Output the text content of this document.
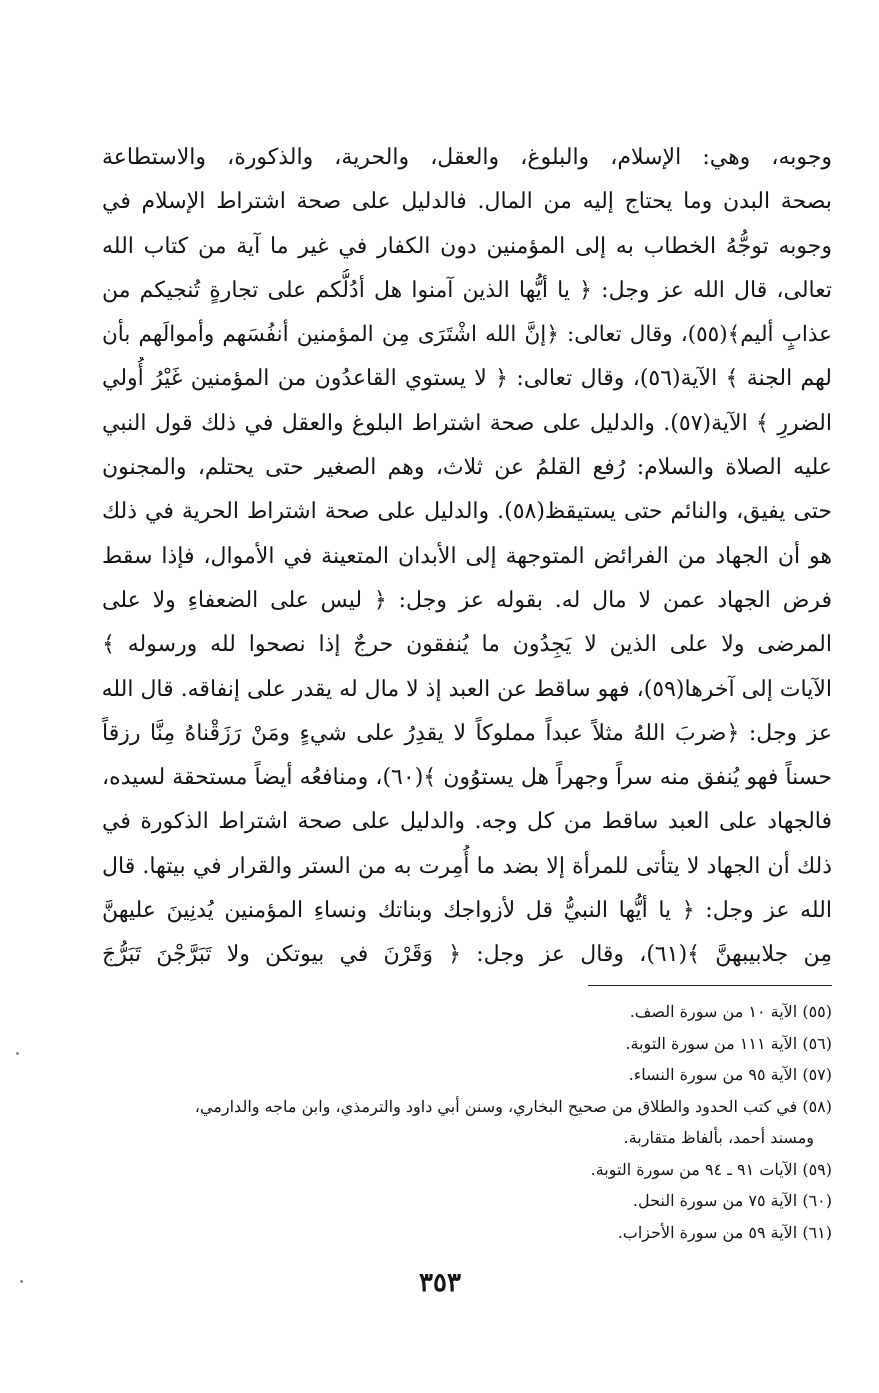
وجوبه، وهي: الإسلام، والبلوغ، والعقل، والحرية، والذكورة، والاستطاعة
بصحة البدن وما يحتاج إليه من المال. فالدليل على صحة اشتراط الإسلام في
وجوبه توجُّهُ الخطاب به إلى المؤمنين دون الكفار في غير ما آية من كتاب الله
تعالى، قال الله عز وجل: ﴿ يا أيُّها الذين آمنوا هل أدُلُّكم على تجارةٍ تُنجيكم من
عذابٍ أليم﴾(٥٥)، وقال تعالى: ﴿إنَّ الله اشْتَرَى مِن المؤمنين أنفُسَهم وأموالَهم بأن
لهم الجنة ﴾ الآية(٥٦)، وقال تعالى: ﴿ لا يستوي القاعدُون من المؤمنين غَيْرُ أُولي
الضررِ ﴾ الآية(٥٧). والدليل على صحة اشتراط البلوغ والعقل في ذلك قول النبي
عليه الصلاة والسلام: رُفع القلمُ عن ثلاث، وهم الصغير حتى يحتلم، والمجنون
حتى يفيق، والنائم حتى يستيقظ(٥٨). والدليل على صحة اشتراط الحرية في ذلك
هو أن الجهاد من الفرائض المتوجهة إلى الأبدان المتعينة في الأموال، فإذا سقط
فرض الجهاد عمن لا مال له. بقوله عز وجل: ﴿ ليس على الضعفاءِ ولا على
المرضى ولا على الذين لا يَجِدُون ما يُنفقون حرجٌ إذا نصحوا لله ورسوله ﴾
الآيات إلى آخرها(٥٩)، فهو ساقط عن العبد إذ لا مال له يقدر على إنفاقه. قال الله
عز وجل: ﴿ضربَ اللهُ مثلاً عبداً مملوكاً لا يقدِرُ على شيءٍ ومَنْ رَزَقْناهُ مِنَّا رزقاً
حسناً فهو يُنفق منه سراً وجهراً هل يستوُون ﴾(٦٠)، ومنافعُه أيضاً مستحقة لسيده،
فالجهاد على العبد ساقط من كل وجه. والدليل على صحة اشتراط الذكورة في
ذلك أن الجهاد لا يتأتى للمرأة إلا بضد ما أُمِرت به من الستر والقرار في بيتها. قال
الله عز وجل: ﴿ يا أيُّها النبيُّ قل لأزواجك وبناتك ونساءِ المؤمنين يُدنِينَ عليهنَّ
مِن جلابيبهنَّ ﴾(٦١)، وقال عز وجل: ﴿ وَقَرْنَ في بيوتكن ولا تَبَرَّجْنَ تَبَرُّجَ
(٥٥) الآية ١٠ من سورة الصف.
(٥٦) الآية ١١١ من سورة التوبة.
(٥٧) الآية ٩٥ من سورة النساء.
(٥٨) في كتب الحدود والطلاق من صحيح البخاري، وسنن أبي داود والترمذي، وابن ماجه والدارمي،
ومسند أحمد، بألفاظ متقاربة.
(٥٩) الآيات ٩١ ـ ٩٤ من سورة التوبة.
(٦٠) الآية ٧٥ من سورة النحل.
(٦١) الآية ٥٩ من سورة الأحزاب.
٣٥٣
